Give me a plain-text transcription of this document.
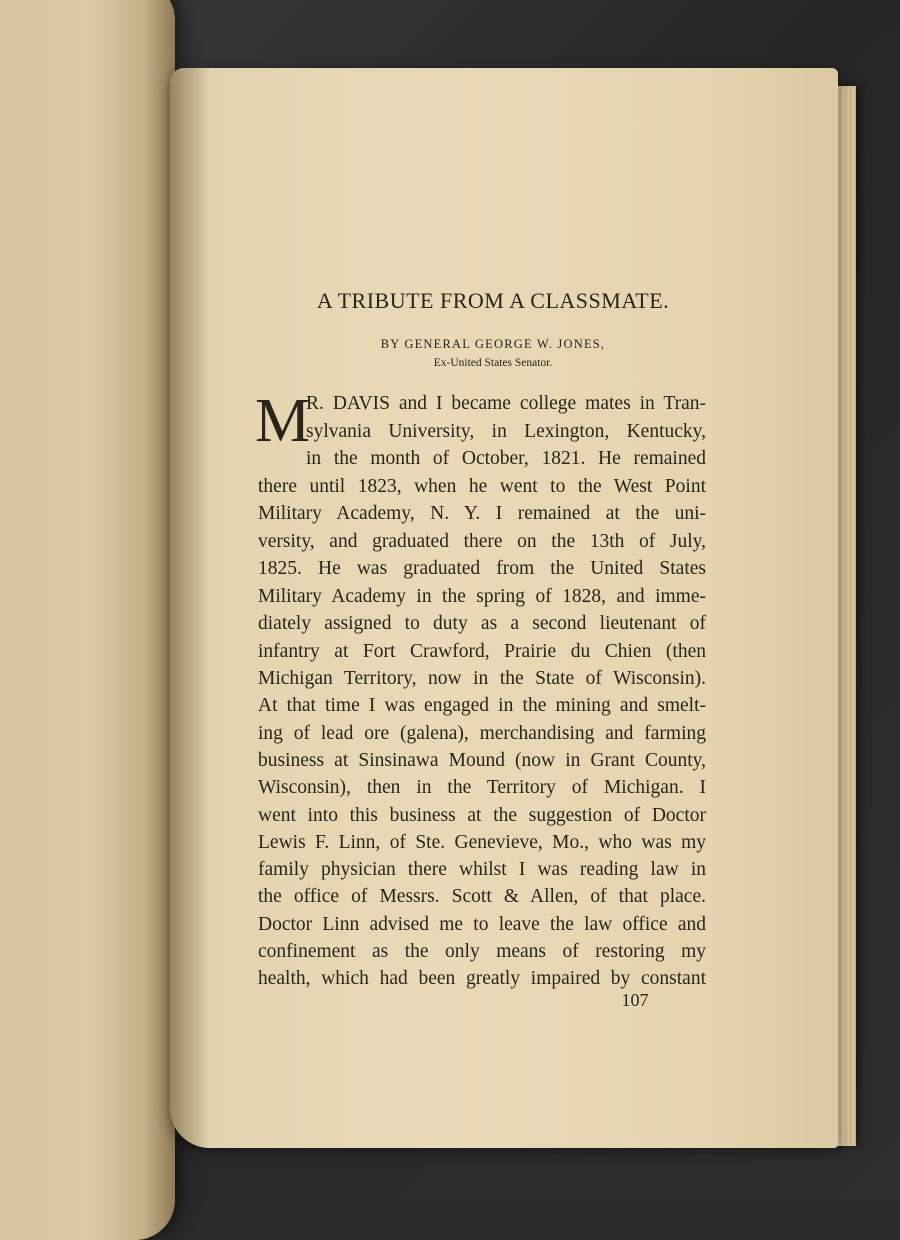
A TRIBUTE FROM A CLASSMATE.

BY GENERAL GEORGE W. JONES,

Ex-United States Senator.

M

R. DAVIS and I became college mates in Tran-

sylvania University, in Lexington, Kentucky,

in the month of October, 1821. He remained

there until 1823, when he went to the West Point

Military Academy, N. Y. I remained at the uni-

versity, and graduated there on the 13th of July,

1825. He was graduated from the United States

Military Academy in the spring of 1828, and imme-

diately assigned to duty as a second lieutenant of

infantry at Fort Crawford, Prairie du Chien (then

Michigan Territory, now in the State of Wisconsin).

At that time I was engaged in the mining and smelt-

ing of lead ore (galena), merchandising and farming

business at Sinsinawa Mound (now in Grant County,

Wisconsin), then in the Territory of Michigan. I

went into this business at the suggestion of Doctor

Lewis F. Linn, of Ste. Genevieve, Mo., who was my

family physician there whilst I was reading law in

the office of Messrs. Scott & Allen, of that place.

Doctor Linn advised me to leave the law office and

confinement as the only means of restoring my

health, which had been greatly impaired by constant

107
